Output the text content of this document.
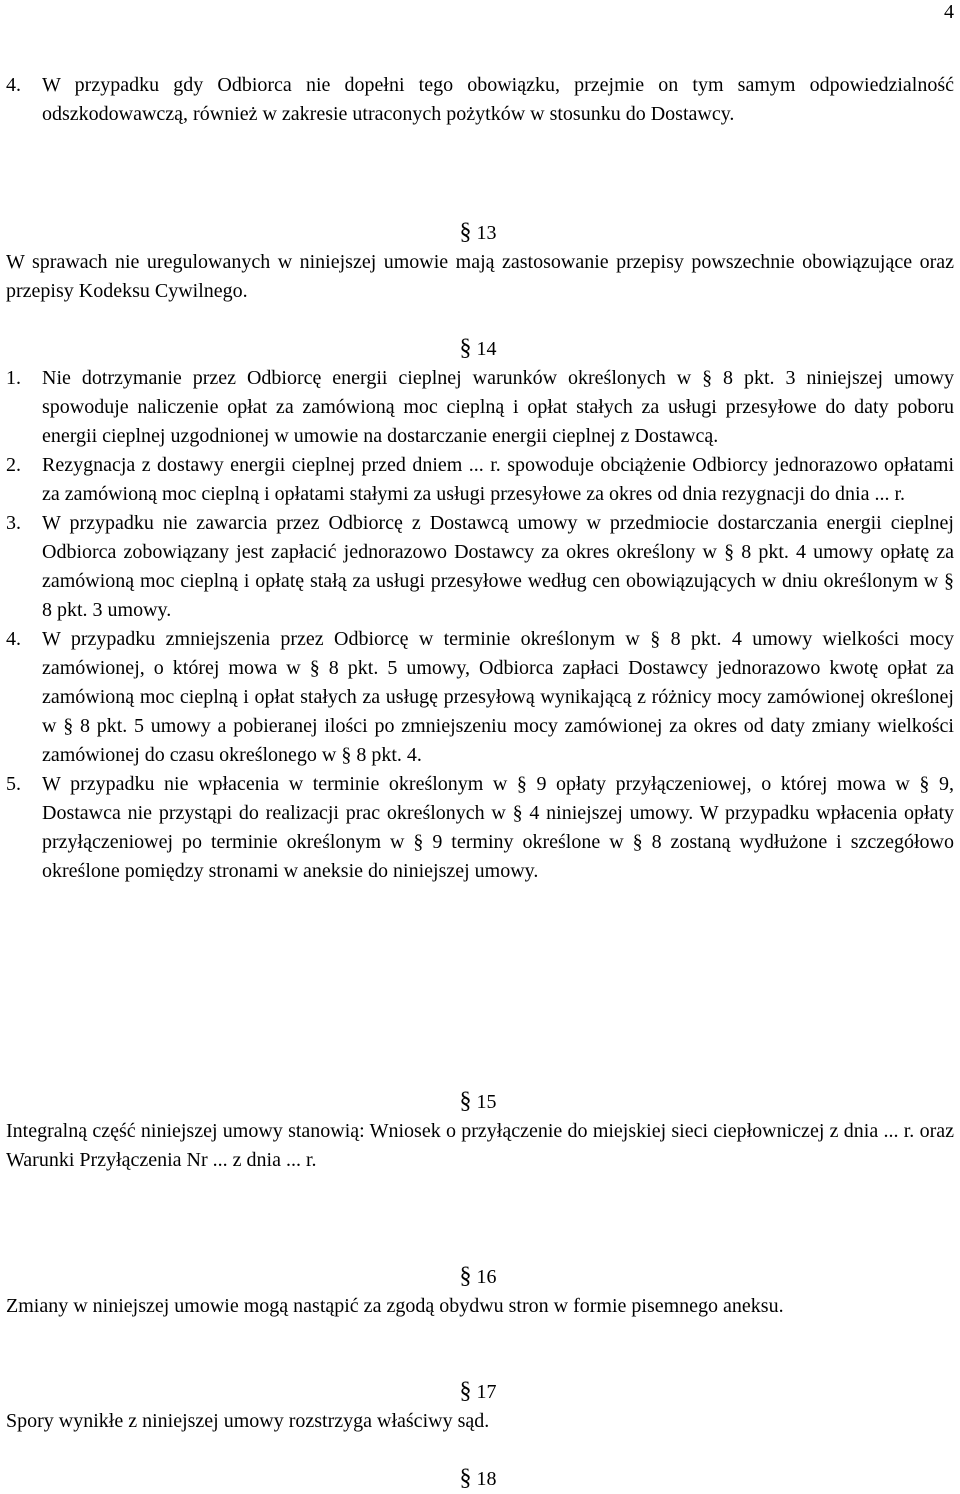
4

4. W przypadku gdy Odbiorca nie dopełni tego obowiązku, przejmie on tym samym odpowiedzialność odszkodowawczą, również w zakresie utraconych pożytków w stosunku do Dostawcy.

§ 13

W sprawach nie uregulowanych w niniejszej umowie mają zastosowanie przepisy powszechnie obowiązujące oraz przepisy Kodeksu Cywilnego.

§ 14

1. Nie dotrzymanie przez Odbiorcę energii cieplnej warunków określonych w § 8 pkt. 3 niniejszej umowy spowoduje naliczenie opłat za zamówioną moc cieplną i opłat stałych za usługi przesyłowe do daty poboru energii cieplnej uzgodnionej w umowie na dostarczanie energii cieplnej z Dostawcą.

2. Rezygnacja z dostawy energii cieplnej przed dniem ... r. spowoduje obciążenie Odbiorcy jednorazowo opłatami za zamówioną moc cieplną i opłatami stałymi za usługi przesyłowe za okres od dnia rezygnacji do dnia ... r.

3. W przypadku nie zawarcia przez Odbiorcę z Dostawcą umowy w przedmiocie dostarczania energii cieplnej Odbiorca zobowiązany jest zapłacić jednorazowo Dostawcy za okres określony w § 8 pkt. 4 umowy opłatę za zamówioną moc cieplną i opłatę stałą za usługi przesyłowe według cen obowiązujących w dniu określonym w § 8 pkt. 3 umowy.

4. W przypadku zmniejszenia przez Odbiorcę w terminie określonym w § 8 pkt. 4 umowy wielkości mocy zamówionej, o której mowa w § 8 pkt. 5 umowy, Odbiorca zapłaci Dostawcy jednorazowo kwotę opłat za zamówioną moc cieplną i opłat stałych za usługę przesyłową wynikającą z różnicy mocy zamówionej określonej w § 8 pkt. 5 umowy a pobieranej ilości po zmniejszeniu mocy zamówionej za okres od daty zmiany wielkości zamówionej do czasu określonego w § 8 pkt. 4.

5. W przypadku nie wpłacenia w terminie określonym w § 9 opłaty przyłączeniowej, o której mowa w § 9, Dostawca nie przystąpi do realizacji prac określonych w § 4 niniejszej umowy. W przypadku wpłacenia opłaty przyłączeniowej po terminie określonym w § 9 terminy określone w § 8 zostaną wydłużone i szczegółowo określone pomiędzy stronami w aneksie do niniejszej umowy.

§ 15

Integralną część niniejszej umowy stanowią: Wniosek o przyłączenie do miejskiej sieci ciepłowniczej z dnia ... r. oraz Warunki Przyłączenia Nr ... z dnia ... r.

§ 16

Zmiany w niniejszej umowie mogą nastąpić za zgodą obydwu stron w formie pisemnego aneksu.

§ 17

Spory wynikłe z niniejszej umowy rozstrzyga właściwy sąd.

§ 18
